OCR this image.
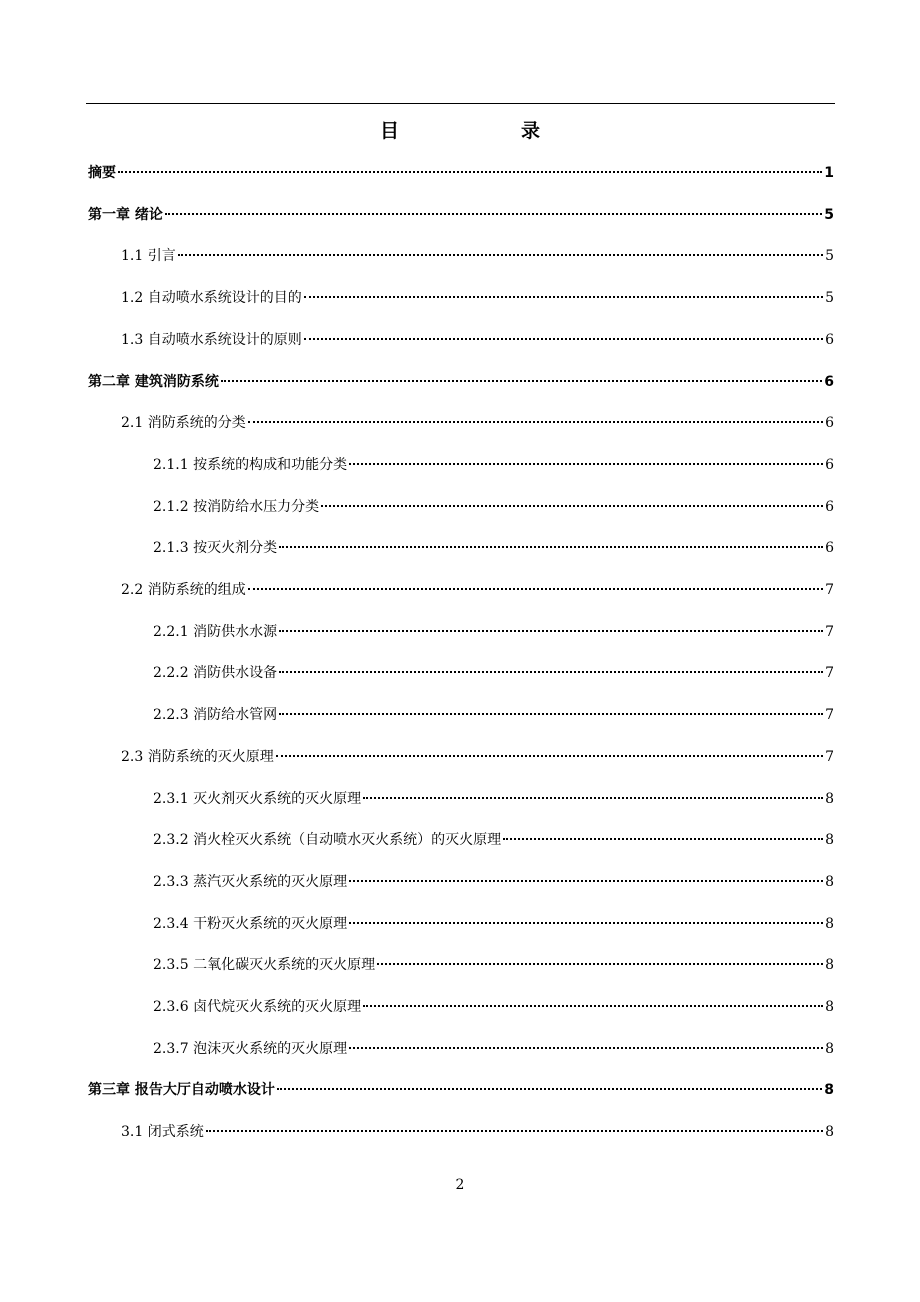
目　　录
摘要	1
第一章 绪论	5
1.1 引言	5
1.2 自动喷水系统设计的目的	5
1.3 自动喷水系统设计的原则	6
第二章 建筑消防系统	6
2.1 消防系统的分类	6
2.1.1 按系统的构成和功能分类	6
2.1.2 按消防给水压力分类	6
2.1.3 按灭火剂分类	6
2.2 消防系统的组成	7
2.2.1 消防供水水源	7
2.2.2 消防供水设备	7
2.2.3 消防给水管网	7
2.3 消防系统的灭火原理	7
2.3.1 灭火剂灭火系统的灭火原理	8
2.3.2 消火栓灭火系统（自动喷水灭火系统）的灭火原理	8
2.3.3 蒸汽灭火系统的灭火原理	8
2.3.4 干粉灭火系统的灭火原理	8
2.3.5 二氧化碳灭火系统的灭火原理	8
2.3.6 卤代烷灭火系统的灭火原理	8
2.3.7 泡沫灭火系统的灭火原理	8
第三章 报告大厅自动喷水设计	8
3.1 闭式系统	8
2
